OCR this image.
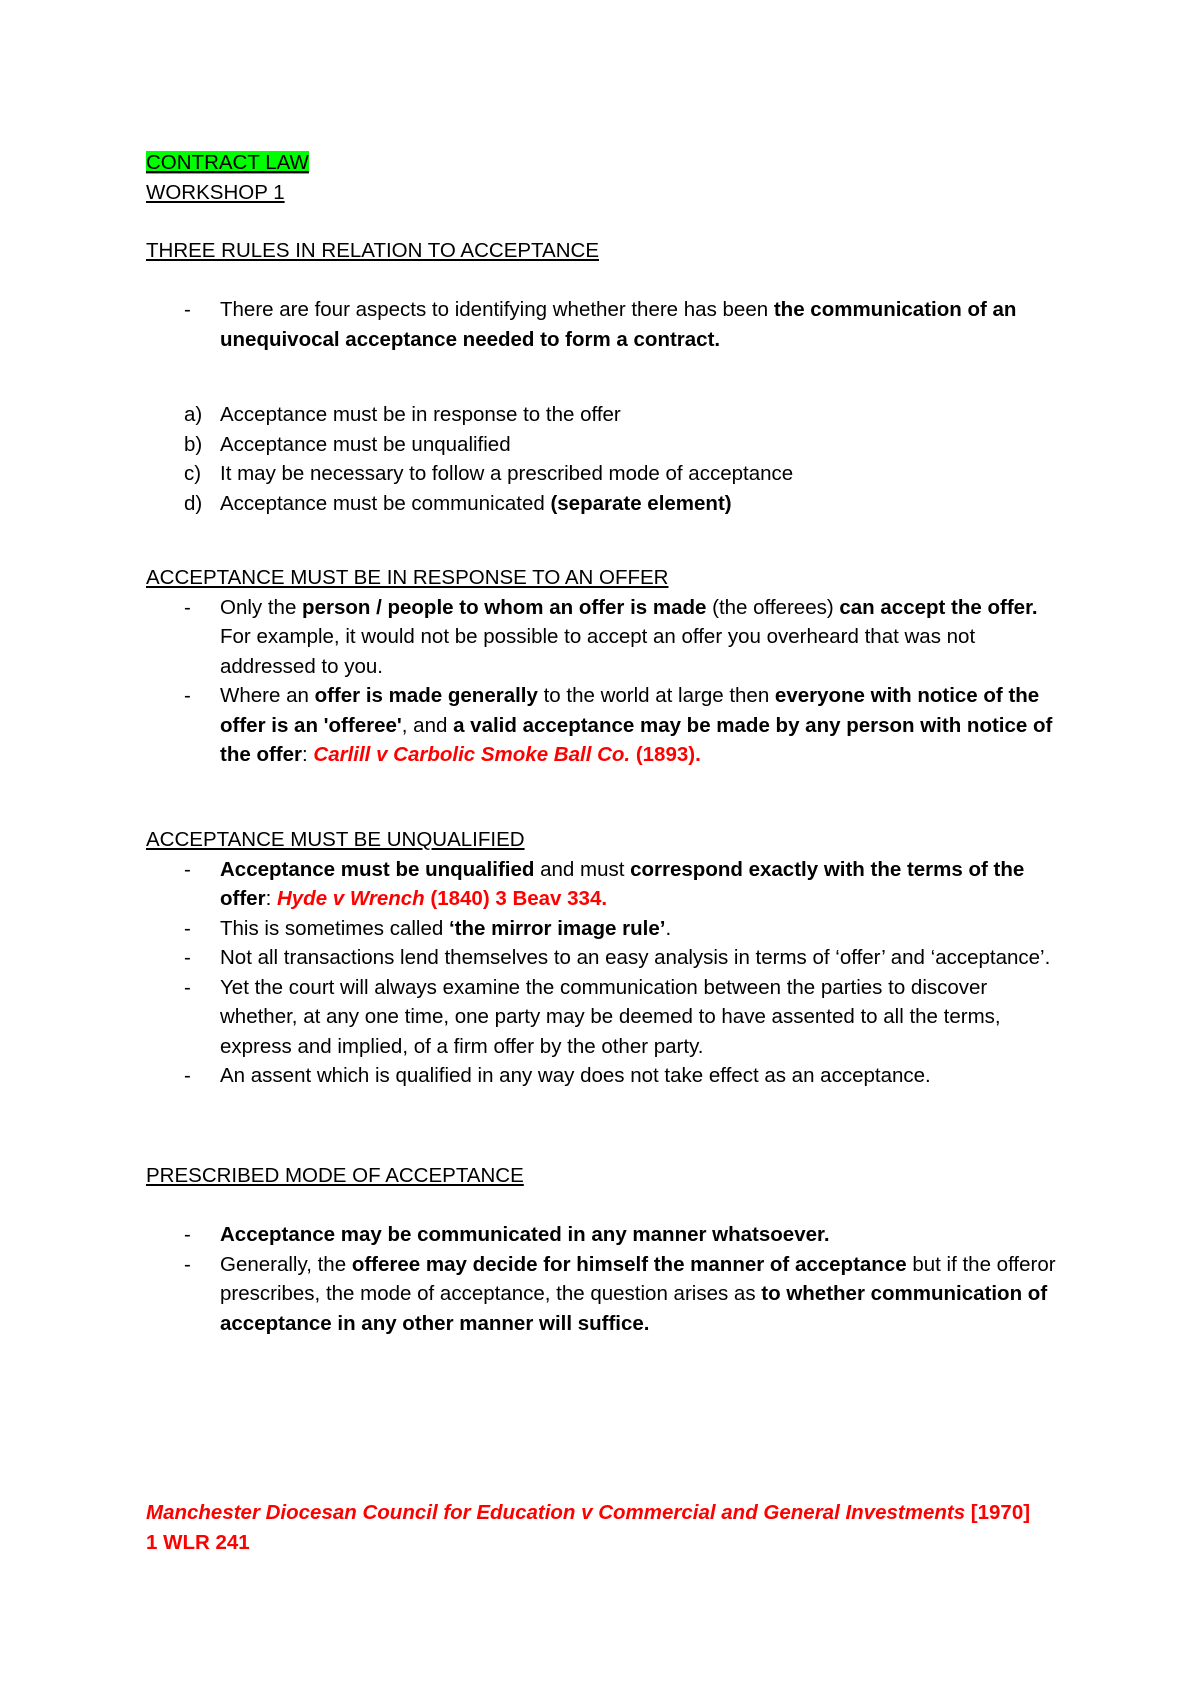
CONTRACT LAW
WORKSHOP 1
THREE RULES IN RELATION TO ACCEPTANCE
- There are four aspects to identifying whether there has been the communication of an unequivocal acceptance needed to form a contract.
a) Acceptance must be in response to the offer
b) Acceptance must be unqualified
c) It may be necessary to follow a prescribed mode of acceptance
d) Acceptance must be communicated (separate element)
ACCEPTANCE MUST BE IN RESPONSE TO AN OFFER
- Only the person / people to whom an offer is made (the offerees) can accept the offer. For example, it would not be possible to accept an offer you overheard that was not addressed to you.
- Where an offer is made generally to the world at large then everyone with notice of the offer is an 'offeree', and a valid acceptance may be made by any person with notice of the offer: Carlill v Carbolic Smoke Ball Co. (1893).
ACCEPTANCE MUST BE UNQUALIFIED
- Acceptance must be unqualified and must correspond exactly with the terms of the offer: Hyde v Wrench (1840) 3 Beav 334.
- This is sometimes called ‘the mirror image rule’.
- Not all transactions lend themselves to an easy analysis in terms of ‘offer’ and ‘acceptance’.
- Yet the court will always examine the communication between the parties to discover whether, at any one time, one party may be deemed to have assented to all the terms, express and implied, of a firm offer by the other party.
- An assent which is qualified in any way does not take effect as an acceptance.
PRESCRIBED MODE OF ACCEPTANCE
- Acceptance may be communicated in any manner whatsoever.
- Generally, the offeree may decide for himself the manner of acceptance but if the offeror prescribes, the mode of acceptance, the question arises as to whether communication of acceptance in any other manner will suffice.
Manchester Diocesan Council for Education v Commercial and General Investments [1970]
1 WLR 241
